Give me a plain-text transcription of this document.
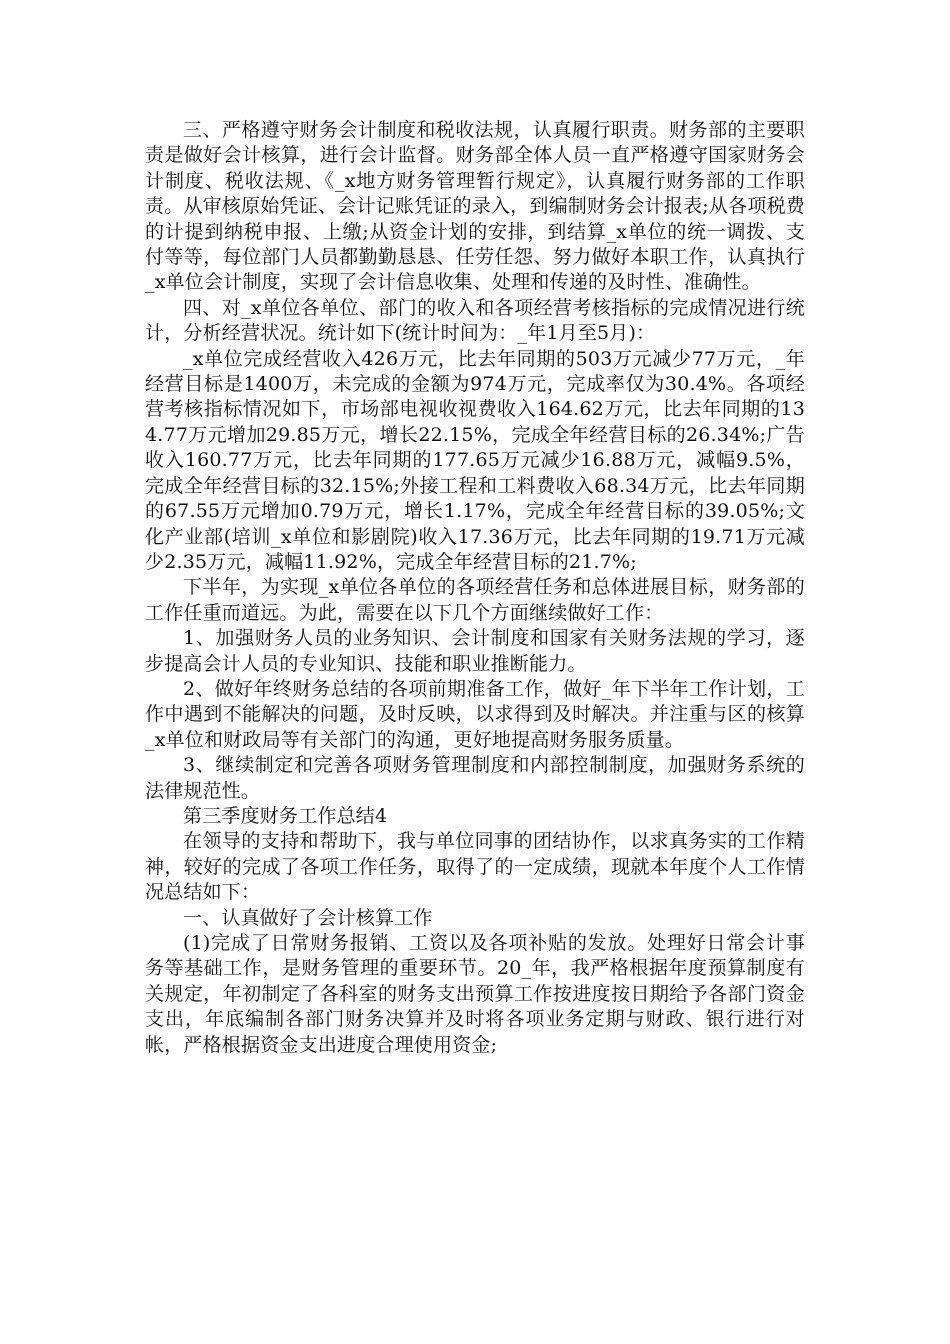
三、严格遵守财务会计制度和税收法规，认真履行职责。财务部的主要职责是做好会计核算，进行会计监督。财务部全体人员一直严格遵守国家财务会计制度、税收法规、《_x地方财务管理暂行规定》，认真履行财务部的工作职责。从审核原始凭证、会计记账凭证的录入，到编制财务会计报表;从各项税费的计提到纳税申报、上缴;从资金计划的安排，到结算_x单位的统一调拨、支付等等，每位部门人员都勤勤恳恳、任劳任怨、努力做好本职工作，认真执行_x单位会计制度，实现了会计信息收集、处理和传递的及时性、准确性。

四、对_x单位各单位、部门的收入和各项经营考核指标的完成情况进行统计，分析经营状况。统计如下(统计时间为：_年1月至5月)：

_x单位完成经营收入426万元，比去年同期的503万元减少77万元，_年经营目标是1400万，未完成的金额为974万元，完成率仅为30.4%。各项经营考核指标情况如下，市场部电视收视费收入164.62万元，比去年同期的134.77万元增加29.85万元，增长22.15%，完成全年经营目标的26.34%;广告收入160.77万元，比去年同期的177.65万元减少16.88万元，减幅9.5%，完成全年经营目标的32.15%;外接工程和工料费收入68.34万元，比去年同期的67.55万元增加0.79万元，增长1.17%，完成全年经营目标的39.05%;文化产业部(培训_x单位和影剧院)收入17.36万元，比去年同期的19.71万元减少2.35万元，减幅11.92%，完成全年经营目标的21.7%;

下半年，为实现_x单位各单位的各项经营任务和总体进展目标，财务部的工作任重而道远。为此，需要在以下几个方面继续做好工作：

1、加强财务人员的业务知识、会计制度和国家有关财务法规的学习，逐步提高会计人员的专业知识、技能和职业推断能力。

2、做好年终财务总结的各项前期准备工作，做好_年下半年工作计划，工作中遇到不能解决的问题，及时反映，以求得到及时解决。并注重与区的核算_x单位和财政局等有关部门的沟通，更好地提高财务服务质量。

3、继续制定和完善各项财务管理制度和内部控制制度，加强财务系统的法律规范性。

第三季度财务工作总结4

在领导的支持和帮助下，我与单位同事的团结协作，以求真务实的工作精神，较好的完成了各项工作任务，取得了的一定成绩，现就本年度个人工作情况总结如下：

一、认真做好了会计核算工作

(1)完成了日常财务报销、工资以及各项补贴的发放。处理好日常会计事务等基础工作，是财务管理的重要环节。20_年，我严格根据年度预算制度有关规定，年初制定了各科室的财务支出预算工作按进度按日期给予各部门资金支出，年底编制各部门财务决算并及时将各项业务定期与财政、银行进行对帐，严格根据资金支出进度合理使用资金;
